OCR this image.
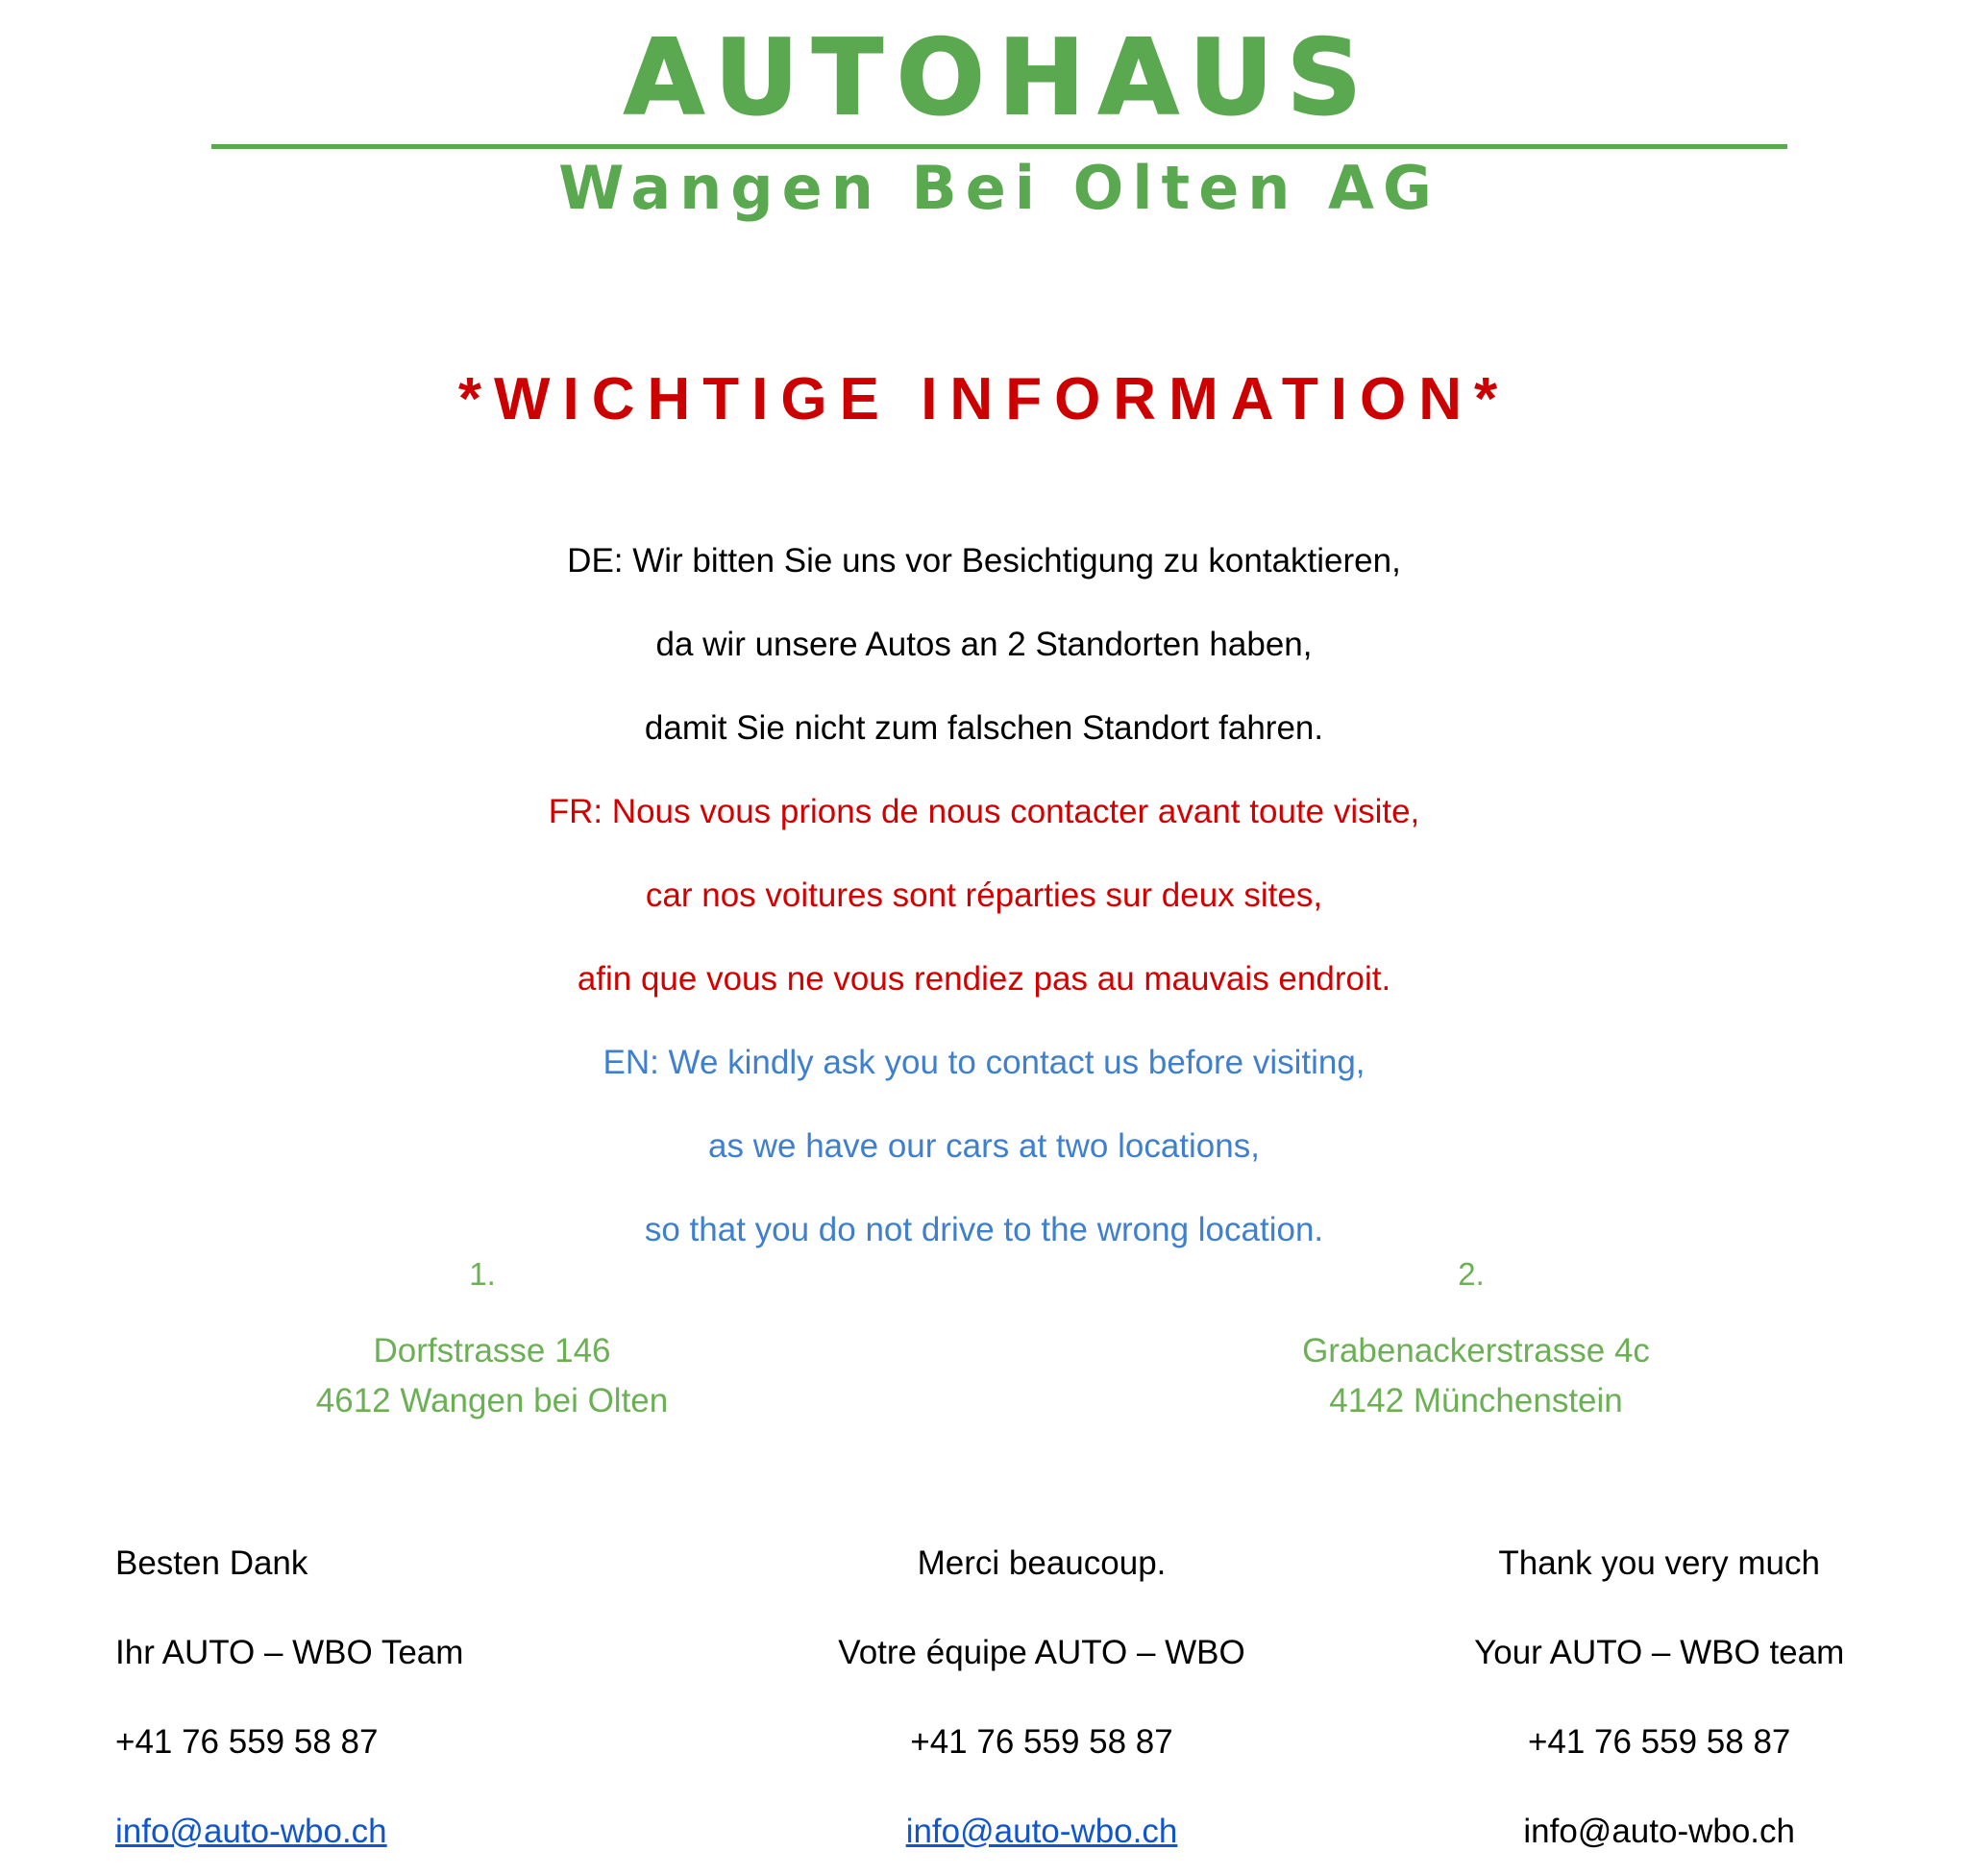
AUTOHAUS
Wangen Bei Olten AG
*WICHTIGE INFORMATION*
DE: Wir bitten Sie uns vor Besichtigung zu kontaktieren,
da wir unsere Autos an 2 Standorten haben,
damit Sie nicht zum falschen Standort fahren.
FR: Nous vous prions de nous contacter avant toute visite,
car nos voitures sont réparties sur deux sites,
afin que vous ne vous rendiez pas au mauvais endroit.
EN: We kindly ask you to contact us before visiting,
as we have our cars at two locations,
so that you do not drive to the wrong location.
1.
Dorfstrasse 146
4612 Wangen bei Olten
2.
Grabenackerstrasse 4c
4142 Münchenstein
Besten Dank
Ihr AUTO – WBO Team
+41 76 559 58 87
info@auto-wbo.ch
Merci beaucoup.
Votre équipe AUTO – WBO
+41 76 559 58 87
info@auto-wbo.ch
Thank you very much
Your AUTO – WBO team
+41 76 559 58 87
info@auto-wbo.ch
